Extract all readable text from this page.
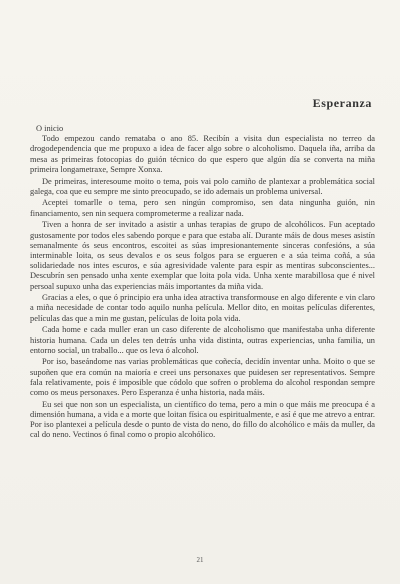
Esperanza

O inicio

Todo empezou cando remataba o ano 85. Recibín a visita dun especialista no terreo da drogodependencia que me propuxo a idea de facer algo sobre o alcoholismo. Daquela iña, arriba da mesa as primeiras fotocopias do guión técnico do que espero que algún día se converta na miña primeira longametraxe, Sempre Xonxa.

De primeiras, interesoume moito o tema, pois vai polo camiño de plantexar a problemática social galega, coa que eu sempre me sinto preocupado, se ido ademais un problema universal.

Aceptei tomarlle o tema, pero sen ningún compromiso, sen data ningunha guión, nin financiamento, sen nin sequera comprometerme a realizar nada.

Tiven a honra de ser invitado a asistir a unhas terapias de grupo de alcohólicos. Fun aceptado gustosamente por todos eles sabendo porque e para que estaba alí. Durante máis de dous meses asistín semanalmente ós seus encontros, escoitei as súas impresionantemente sinceras confesións, a súa interminable loita, os seus devalos e os seus folgos para se ergueren e a súa teima coñá, a súa solidariedade nos intes escuros, e súa agresividade valente para espir as mentiras subconscientes... Descubrín sen pensado unha xente exemplar que loita pola vida. Unha xente marabillosa que é nivel persoal supuxo unha das experiencias máis importantes da miña vida.

Gracias a eles, o que ó principio era unha idea atractiva transformouse en algo diferente e vin claro a miña necesidade de contar todo aquilo nunha película. Mellor dito, en moitas películas diferentes, películas das que a min me gustan, películas de loita pola vida.

Cada home e cada muller eran un caso diferente de alcoholismo que manifestaba unha diferente historia humana. Cada un deles ten detrás unha vida distinta, outras experiencias, unha familia, un entorno social, un traballo... que os leva ó alcohol.

Por iso, baseándome nas varias problemáticas que coñecía, decidín inventar unha. Moito o que se supoñen que era común na maioría e creei uns personaxes que puidesen ser representativos. Sempre fala relativamente, pois é imposible que códolo que sofren o problema do alcohol respondan sempre como os meus personaxes. Pero Esperanza é unha historia, nada máis.

Eu sei que non son un especialista, un científico do tema, pero a min o que máis me preocupa é a dimensión humana, a vida e a morte que loitan física ou espiritualmente, e así é que me atrevo a entrar. Por iso plantexei a película desde o punto de vista do neno, do fillo do alcohólico e máis da muller, da cal do neno. Vectinos ó final como o propio alcohólico.

21
